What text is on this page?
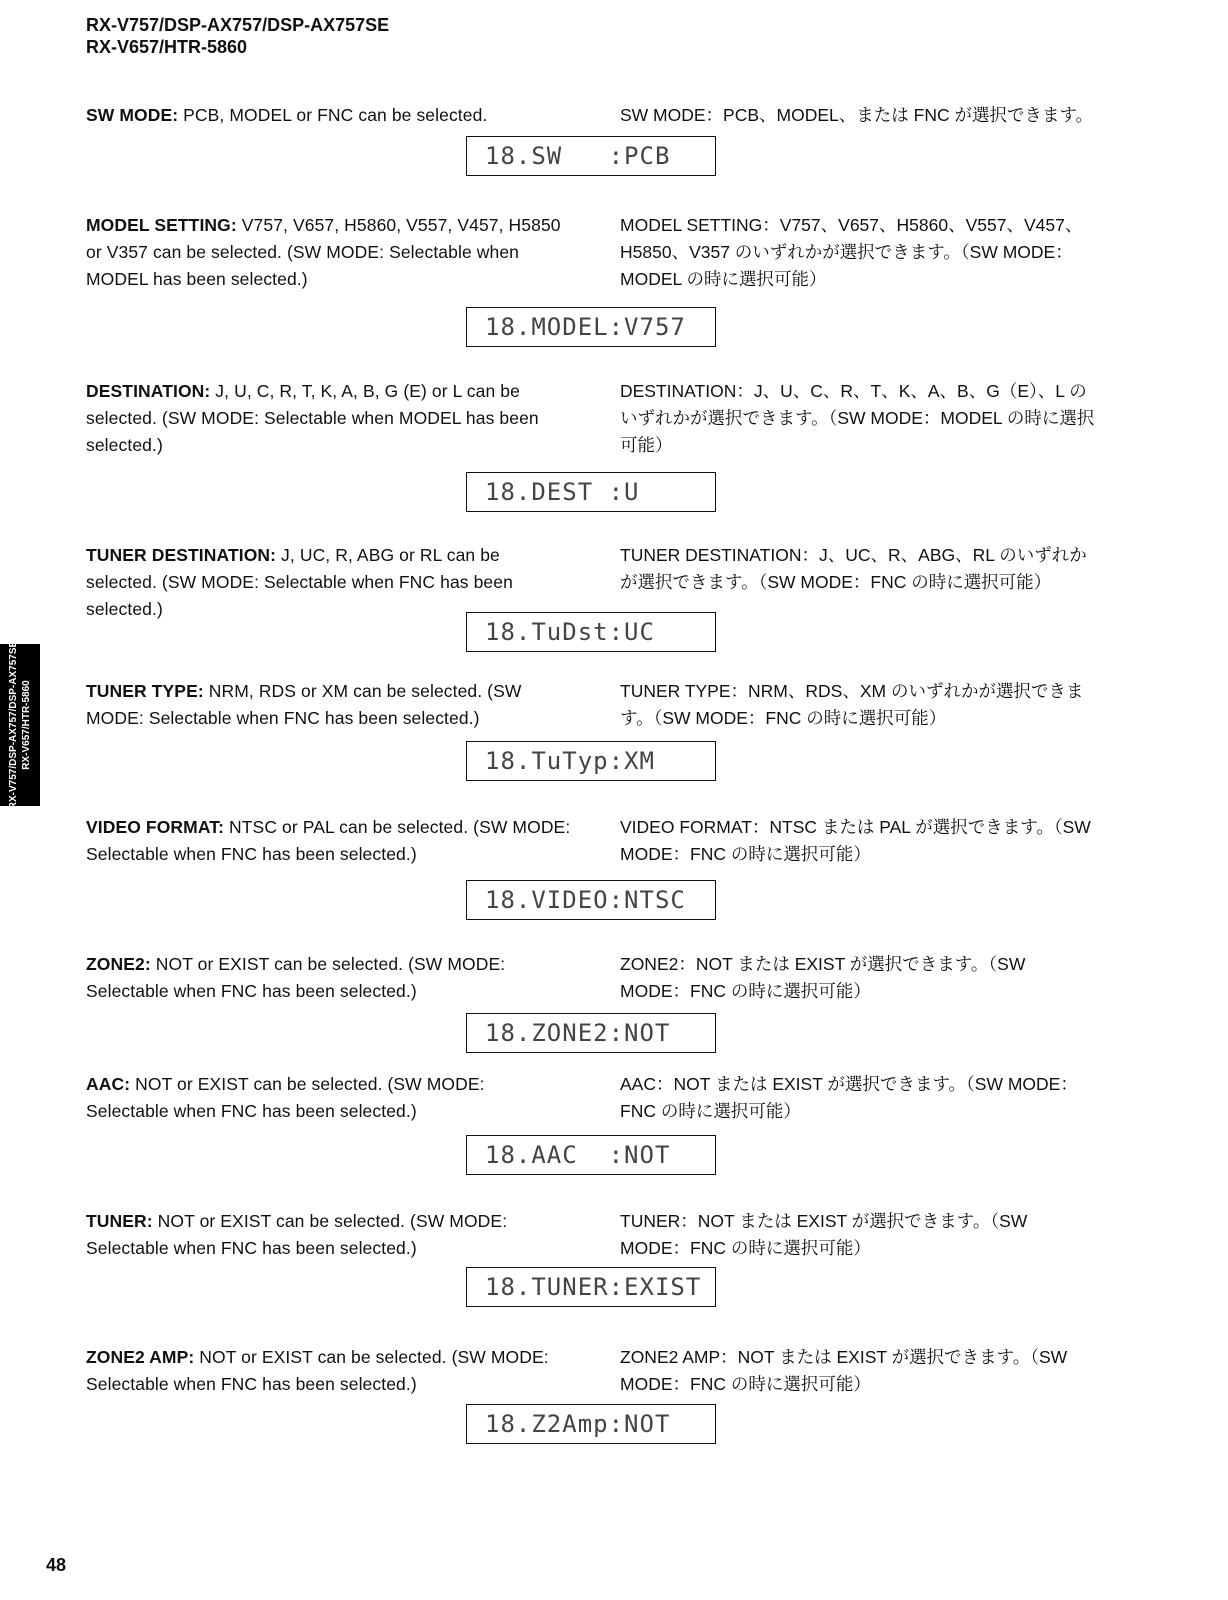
RX-V757/DSP-AX757/DSP-AX757SE
RX-V657/HTR-5860
RX-V757/DSP-AX757/DSP-AX757SE RX-V657/HTR-5860
SW MODE: PCB, MODEL or FNC can be selected.	SW MODE：PCB、MODEL、または FNC が選択できます。
18.SW   :PCB
MODEL SETTING: V757, V657, H5860, V557, V457, H5850 or V357 can be selected. (SW MODE: Selectable when MODEL has been selected.)
MODEL SETTING：V757、V657、H5860、V557、V457、H5850、V357 のいずれかが選択できます。（SW MODE：MODEL の時に選択可能）
18.MODEL:V757
DESTINATION: J, U, C, R, T, K, A, B, G (E) or L can be selected. (SW MODE: Selectable when MODEL has been selected.)
DESTINATION：J、U、C、R、T、K、A、B、G（E）、L のいずれかが選択できます。（SW MODE：MODEL の時に選択可能）
18.DEST :U
TUNER DESTINATION: J, UC, R, ABG or RL can be selected. (SW MODE: Selectable when FNC has been selected.)
TUNER DESTINATION：J、UC、R、ABG、RL のいずれかが選択できます。（SW MODE：FNC の時に選択可能）
18.TuDst:UC
TUNER TYPE: NRM, RDS or XM can be selected. (SW MODE: Selectable when FNC has been selected.)
TUNER TYPE：NRM、RDS、XM のいずれかが選択できます。（SW MODE：FNC の時に選択可能）
18.TuTyp:XM
VIDEO FORMAT: NTSC or PAL can be selected. (SW MODE: Selectable when FNC has been selected.)
VIDEO FORMAT：NTSC または PAL が選択できます。（SW MODE：FNC の時に選択可能）
18.VIDEO:NTSC
ZONE2: NOT or EXIST can be selected. (SW MODE: Selectable when FNC has been selected.)
ZONE2：NOT または EXIST が選択できます。（SW MODE：FNC の時に選択可能）
18.ZONE2:NOT
AAC: NOT or EXIST can be selected. (SW MODE: Selectable when FNC has been selected.)
AAC：NOT または EXIST が選択できます。（SW MODE：FNC の時に選択可能）
18.AAC  :NOT
TUNER: NOT or EXIST can be selected. (SW MODE: Selectable when FNC has been selected.)
TUNER：NOT または EXIST が選択できます。（SW MODE：FNC の時に選択可能）
18.TUNER:EXIST
ZONE2 AMP: NOT or EXIST can be selected. (SW MODE: Selectable when FNC has been selected.)
ZONE2 AMP：NOT または EXIST が選択できます。（SW MODE：FNC の時に選択可能）
18.Z2Amp:NOT
48
